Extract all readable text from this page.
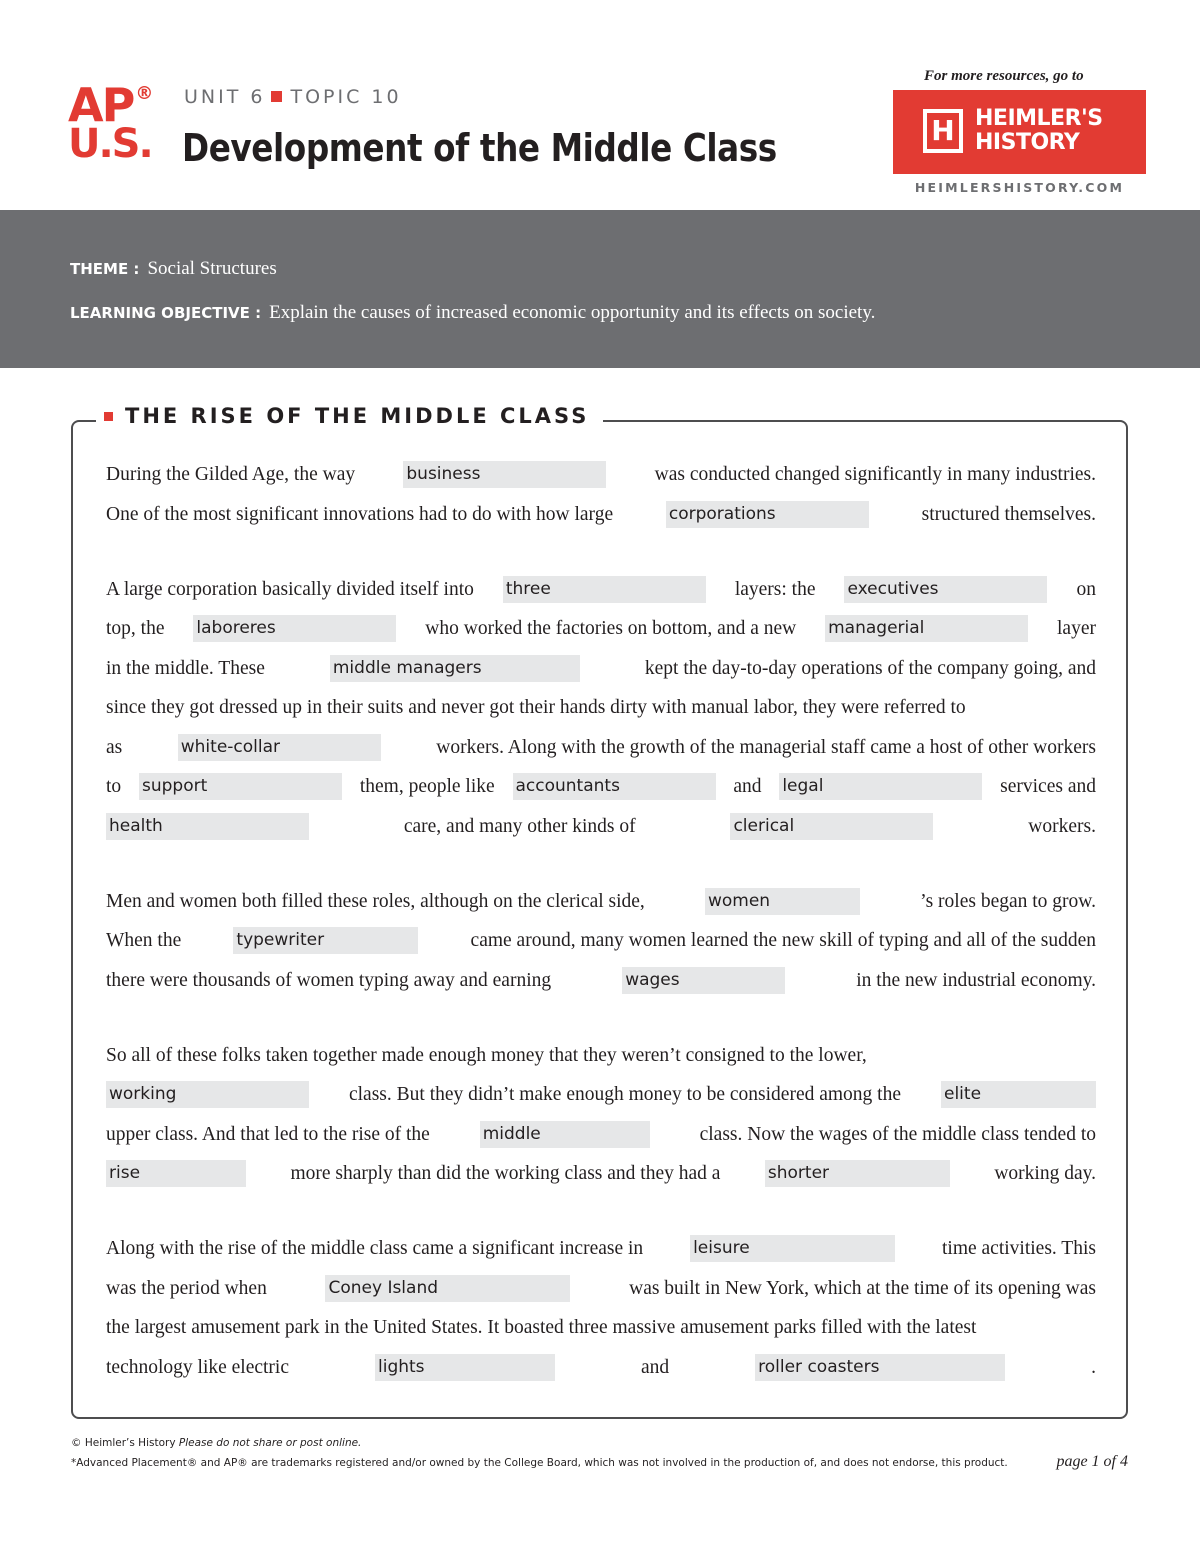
AP ®
U.S.
UNIT 6 TOPIC 10
Development of the Middle Class
For more resources, go to
H HEIMLER'S
HISTORY
HEIMLERSHISTORY.COM
THEME : Social Structures
LEARNING OBJECTIVE : Explain the causes of increased economic opportunity and its effects on society.
THE RISE OF THE MIDDLE CLASS
During the Gilded Age, the way	business	was conducted changed significantly in many industries.
One of the most significant innovations had to do with how large	corporations	structured themselves.
A large corporation basically divided itself into three	layers: the executives	on
top, the laboreres	who worked the factories on bottom, and a new managerial	layer
in the middle. These	middle managers	kept the day-to-day operations of the company going, and
since they got dressed up in their suits and never got their hands dirty with manual labor, they were referred to
as	white-collar	workers. Along with the growth of the managerial staff came a host of other workers
to support	them, people like accountants	and legal	services and
health	care, and many other kinds of	clerical	workers.
Men and women both filled these roles, although on the clerical side,	women	’s roles began to grow.
When the	typewriter	came around, many women learned the new skill of typing and all of the sudden
there were thousands of women typing away and earning	wages	in the new industrial economy.
So all of these folks taken together made enough money that they weren’t consigned to the lower,
working	class. But they didn’t make enough money to be considered among the	elite
upper class. And that led to the rise of the	middle	class. Now the wages of the middle class tended to
rise	more sharply than did the working class and they had a	shorter	working day.
Along with the rise of the middle class came a significant increase in	leisure	time activities. This
was the period when	Coney Island	was built in New York, which at the time of its opening was
the largest amusement park in the United States. It boasted three massive amusement parks filled with the latest
technology like electric	lights	and	roller coasters	.
© Heimler’s History Please do not share or post online.
*Advanced Placement® and AP® are trademarks registered and/or owned by the College Board, which was not involved in the production of, and does not endorse, this product.	page 1 of 4
